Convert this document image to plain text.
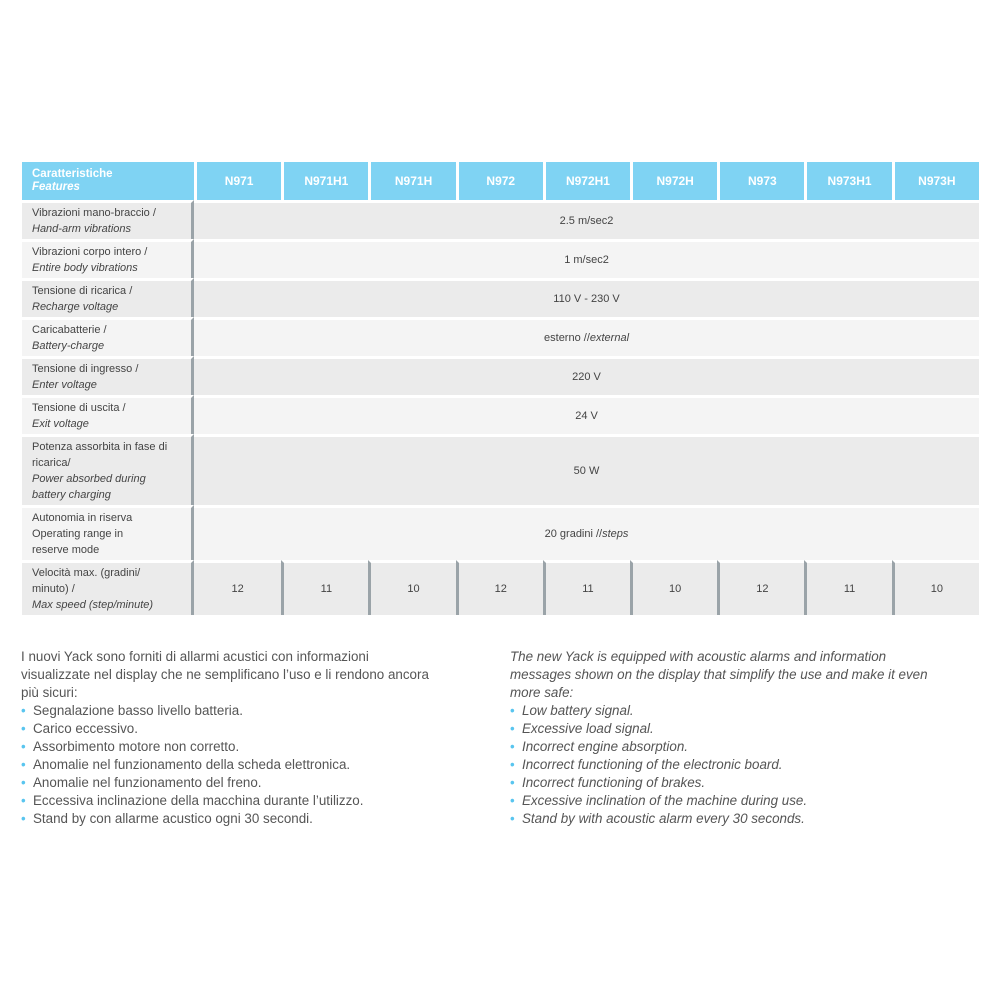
Caratteristiche
Features	N971	N971H1	N971H	N972	N972H1	N972H	N973	N973H1	N973H

Vibrazioni mano-braccio /
Hand-arm vibrations	2.5 m/sec2								

Vibrazioni corpo intero /
Entire body vibrations	1 m/sec2								

Tensione di ricarica /
Recharge voltage	110 V - 230 V								

Caricabatterie /
Battery-charge	esterno //external								

Tensione di ingresso /
Enter voltage	220 V								

Tensione di uscita /
Exit voltage	24 V								

Potenza assorbita in fase di
ricarica/
Power absorbed during
battery charging	50 W								

Autonomia in riserva
Operating range in
reserve mode	20 gradini //steps								

Velocità max. (gradini/
minuto) /
Max speed (step/minute)	12	11	10	12	11	10	12	11	10

I nuovi Yack sono forniti di allarmi acustici con informazioni visualizzate nel display che ne semplificano l’uso e li rendono ancora più sicuri:

• Segnalazione basso livello batteria.
• Carico eccessivo.
• Assorbimento motore non corretto.
• Anomalie nel funzionamento della scheda elettronica.
• Anomalie nel funzionamento del freno.
• Eccessiva inclinazione della macchina durante l’utilizzo.
• Stand by con allarme acustico ogni 30 secondi.

The new Yack is equipped with acoustic alarms and information messages shown on the display that simplify the use and make it even more safe:

• Low battery signal.
• Excessive load signal.
• Incorrect engine absorption.
• Incorrect functioning of the electronic board.
• Incorrect functioning of brakes.
• Excessive inclination of the machine during use.
• Stand by with acoustic alarm every 30 seconds.
